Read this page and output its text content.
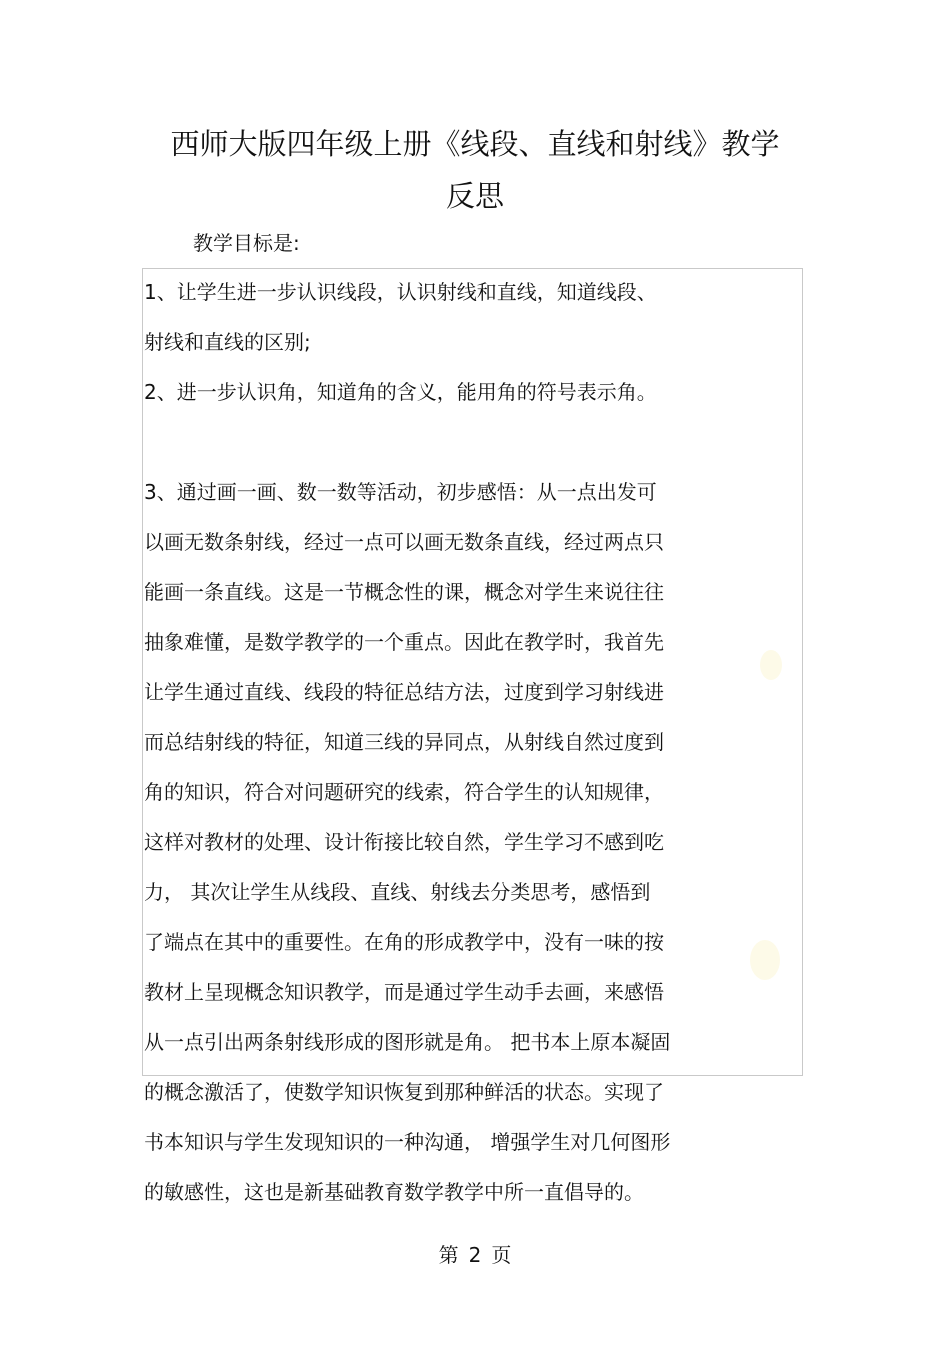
西师大版四年级上册《线段、直线和射线》教学
反思
教学目标是:
1、让学生进一步认识线段，认识射线和直线，知道线段、
射线和直线的区别;
2、进一步认识角，知道角的含义，能用角的符号表示角。
3、通过画一画、数一数等活动，初步感悟：从一点出发可
以画无数条射线，经过一点可以画无数条直线，经过两点只
能画一条直线。这是一节概念性的课，概念对学生来说往往
抽象难懂，是数学教学的一个重点。因此在教学时，我首先
让学生通过直线、线段的特征总结方法，过度到学习射线进
而总结射线的特征，知道三线的异同点，从射线自然过度到
角的知识，符合对问题研究的线索，符合学生的认知规律，
这样对教材的处理、设计衔接比较自然，学生学习不感到吃
力， 其次让学生从线段、直线、射线去分类思考，感悟到
了端点在其中的重要性。在角的形成教学中，没有一味的按
教材上呈现概念知识教学，而是通过学生动手去画，来感悟
从一点引出两条射线形成的图形就是角。 把书本上原本凝固
的概念激活了，使数学知识恢复到那种鲜活的状态。实现了
书本知识与学生发现知识的一种沟通， 增强学生对几何图形
的敏感性，这也是新基础教育数学教学中所一直倡导的。
第 2 页
